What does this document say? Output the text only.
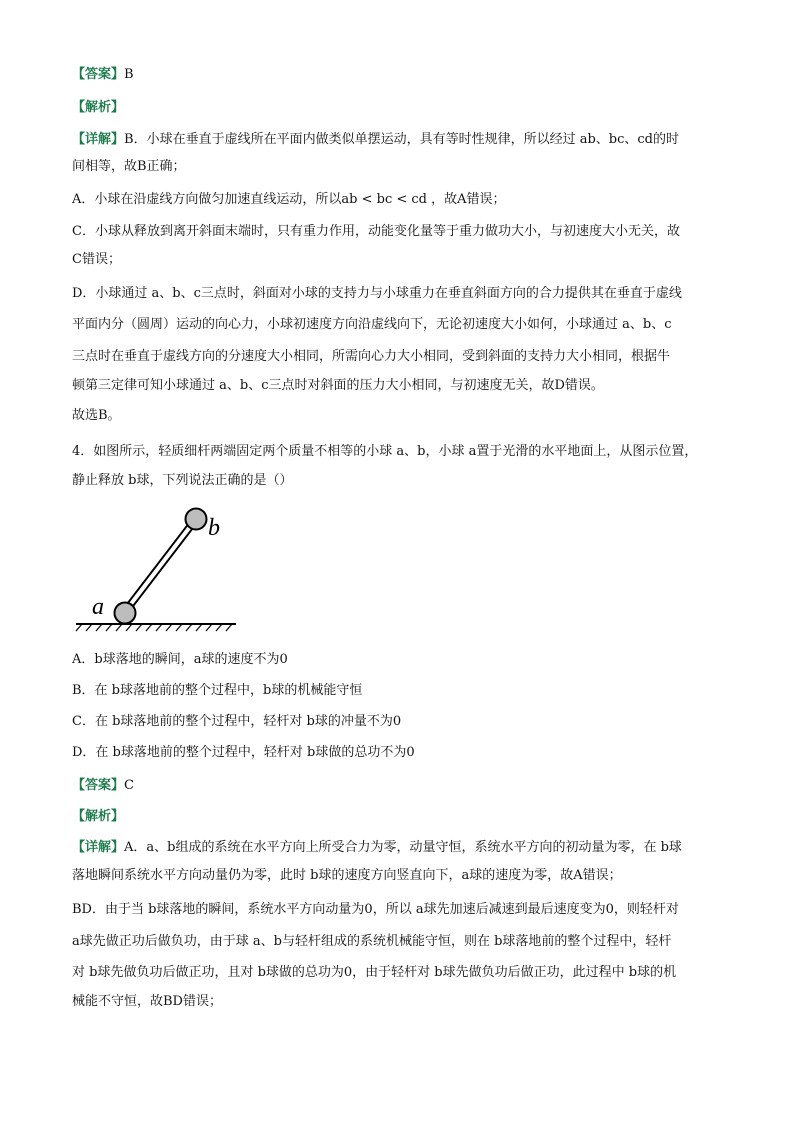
【答案】B
【解析】
【详解】B．小球在垂直于虚线所在平面内做类似单摆运动，具有等时性规律，所以经过 ab、bc、cd的时
间相等，故B正确；
A．小球在沿虚线方向做匀加速直线运动，所以ab < bc < cd ，故A错误；
C．小球从释放到离开斜面末端时，只有重力作用，动能变化量等于重力做功大小，与初速度大小无关，故
C错误；
D．小球通过 a、b、c三点时，斜面对小球的支持力与小球重力在垂直斜面方向的合力提供其在垂直于虚线
平面内分（圆周）运动的向心力，小球初速度方向沿虚线向下，无论初速度大小如何，小球通过 a、b、c
三点时在垂直于虚线方向的分速度大小相同，所需向心力大小相同，受到斜面的支持力大小相同，根据牛
顿第三定律可知小球通过 a、b、c三点时对斜面的压力大小相同，与初速度无关，故D错误。
故选B。
4．如图所示，轻质细杆两端固定两个质量不相等的小球 a、b，小球 a置于光滑的水平地面上，从图示位置，
静止释放 b球，下列说法正确的是（）
a
b
A．b球落地的瞬间，a球的速度不为0
B．在 b球落地前的整个过程中，b球的机械能守恒
C．在 b球落地前的整个过程中，轻杆对 b球的冲量不为0
D．在 b球落地前的整个过程中，轻杆对 b球做的总功不为0
【答案】C
【解析】
【详解】A．a、b组成的系统在水平方向上所受合力为零，动量守恒，系统水平方向的初动量为零，在 b球
落地瞬间系统水平方向动量仍为零，此时 b球的速度方向竖直向下，a球的速度为零，故A错误；
BD．由于当 b球落地的瞬间，系统水平方向动量为0，所以 a球先加速后减速到最后速度变为0，则轻杆对
a球先做正功后做负功，由于球 a、b与轻杆组成的系统机械能守恒，则在 b球落地前的整个过程中，轻杆
对 b球先做负功后做正功，且对 b球做的总功为0，由于轻杆对 b球先做负功后做正功，此过程中 b球的机
械能不守恒，故BD错误；
